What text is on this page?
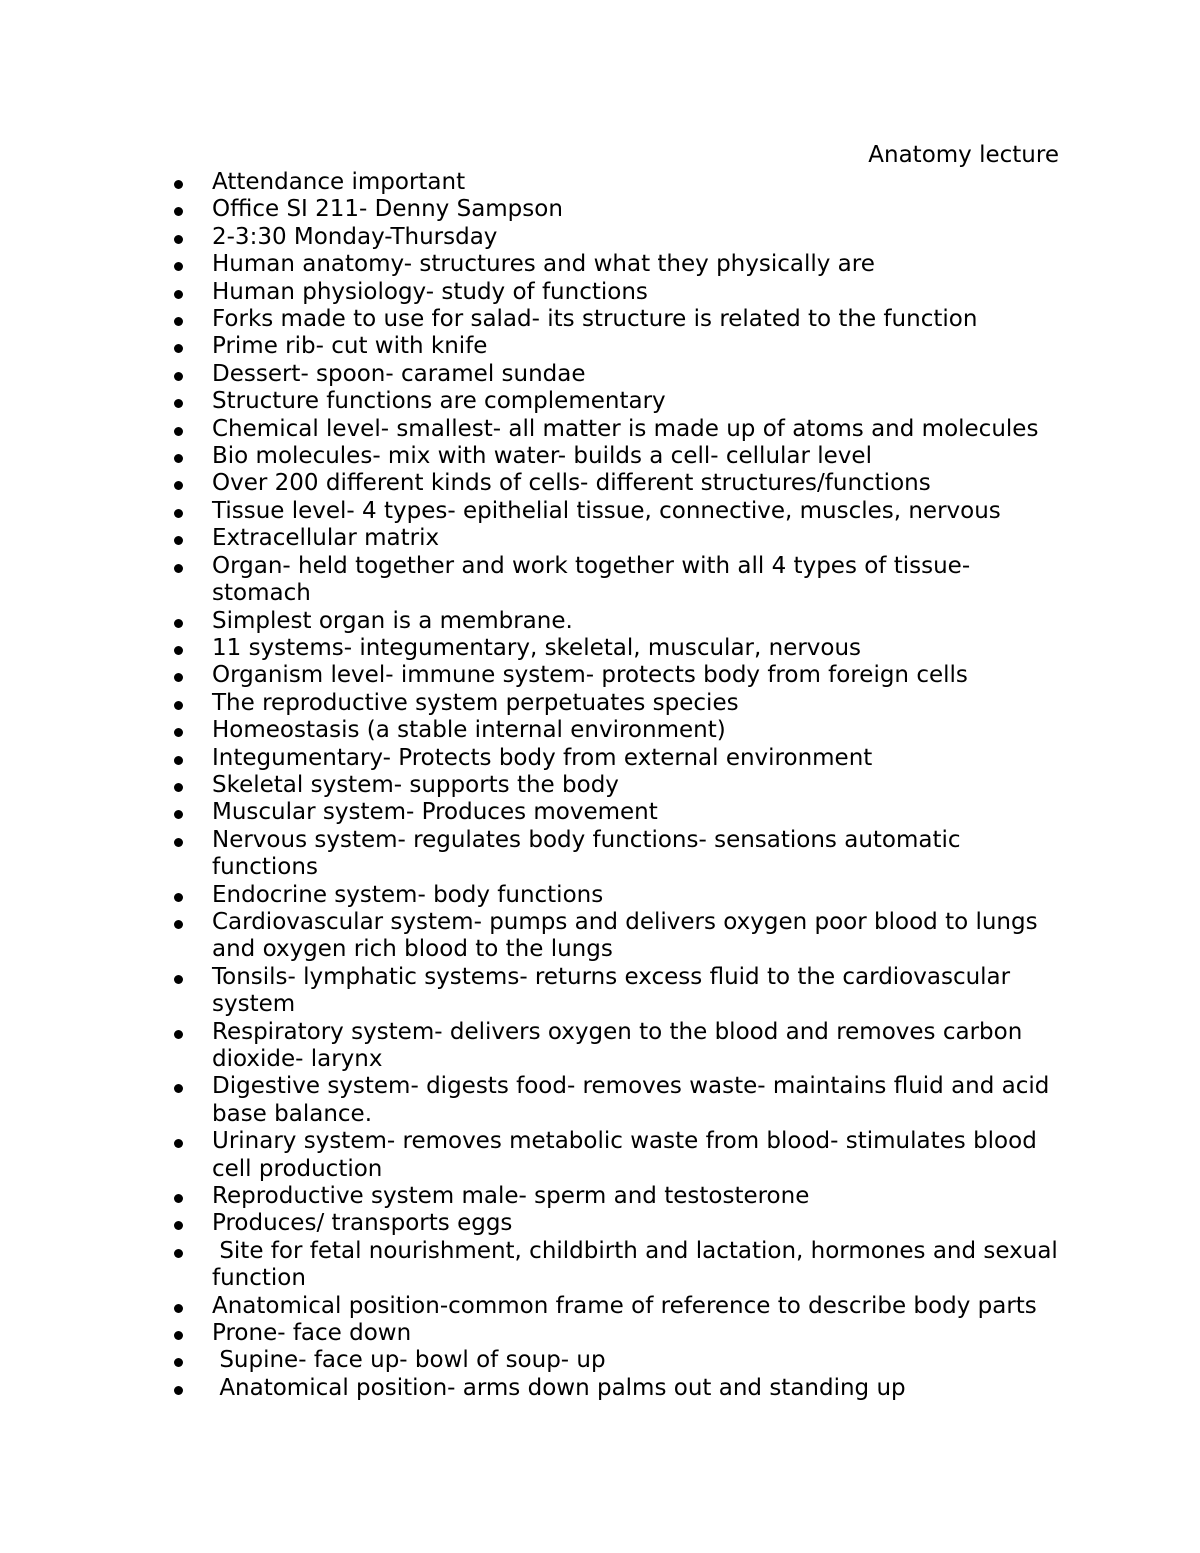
Anatomy lecture
Attendance important
Office SI 211- Denny Sampson
2-3:30 Monday-Thursday
Human anatomy- structures and what they physically are
Human physiology- study of functions
Forks made to use for salad- its structure is related to the function
Prime rib- cut with knife
Dessert- spoon- caramel sundae
Structure functions are complementary
Chemical level- smallest- all matter is made up of atoms and molecules
Bio molecules- mix with water- builds a cell- cellular level
Over 200 different kinds of cells- different structures/functions
Tissue level- 4 types- epithelial tissue, connective, muscles, nervous
Extracellular matrix
Organ- held together and work together with all 4 types of tissue- stomach
Simplest organ is a membrane.
11 systems- integumentary, skeletal, muscular, nervous
Organism level- immune system- protects body from foreign cells
The reproductive system perpetuates species
Homeostasis (a stable internal environment)
Integumentary- Protects body from external environment
Skeletal system- supports the body
Muscular system- Produces movement
Nervous system- regulates body functions- sensations automatic functions
Endocrine system- body functions
Cardiovascular system- pumps and delivers oxygen poor blood to lungs and oxygen rich blood to the lungs
Tonsils- lymphatic systems- returns excess fluid to the cardiovascular system
Respiratory system- delivers oxygen to the blood and removes carbon dioxide- larynx
Digestive system- digests food- removes waste- maintains fluid and acid base balance.
Urinary system- removes metabolic waste from blood- stimulates blood cell production
Reproductive system male- sperm and testosterone
Produces/ transports eggs
Site for fetal nourishment, childbirth and lactation, hormones and sexual function
Anatomical position-common frame of reference to describe body parts
Prone- face down
Supine- face up- bowl of soup- up
Anatomical position- arms down palms out and standing up
